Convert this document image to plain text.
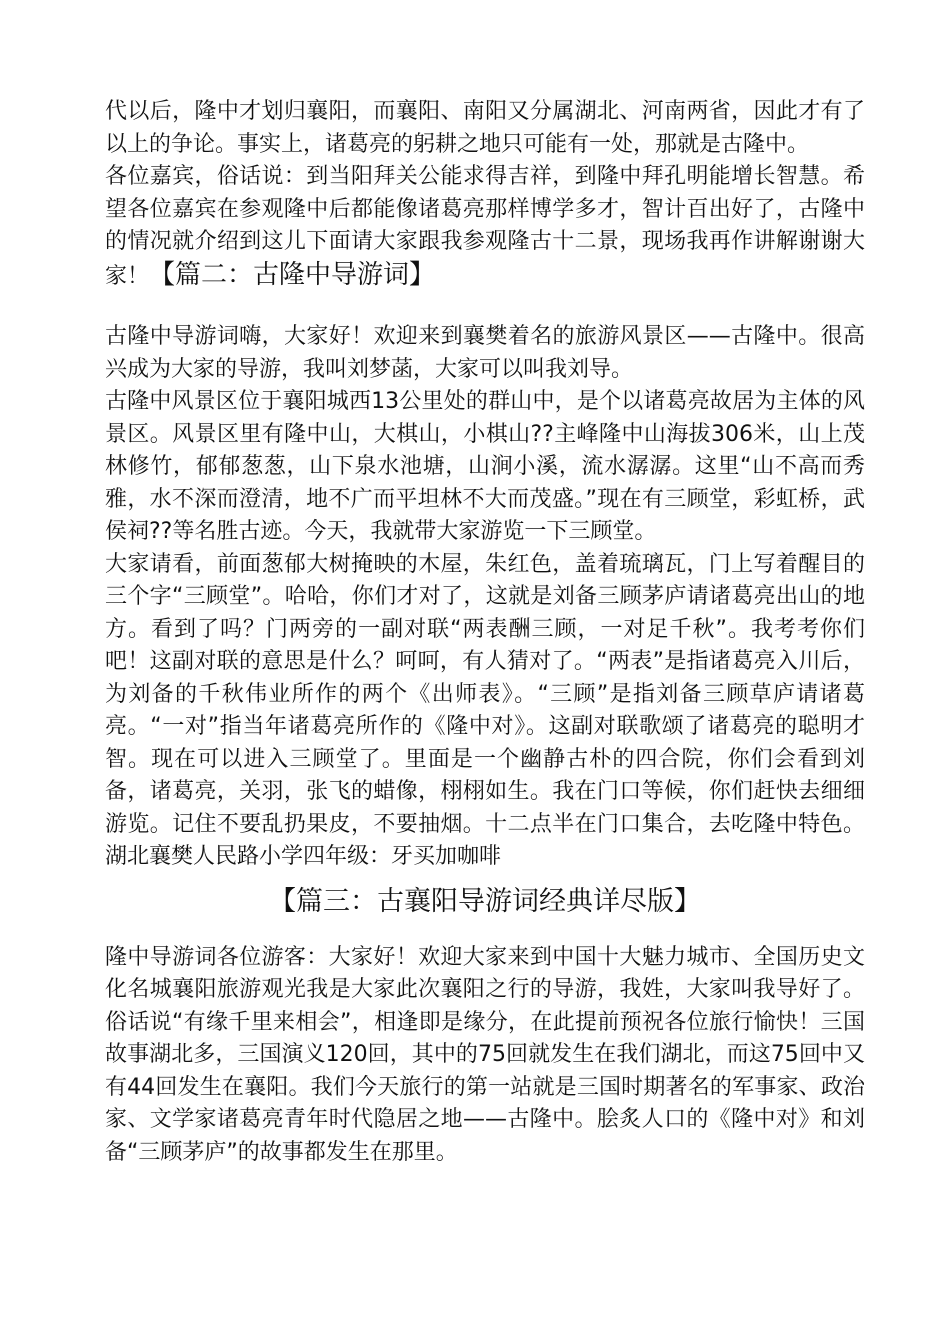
代以后，隆中才划归襄阳，而襄阳、南阳又分属湖北、河南两省，因此才有了以上的争论。事实上，诸葛亮的躬耕之地只可能有一处，那就是古隆中。

各位嘉宾，俗话说：到当阳拜关公能求得吉祥，到隆中拜孔明能增长智慧。希望各位嘉宾在参观隆中后都能像诸葛亮那样博学多才，智计百出好了，古隆中的情况就介绍到这儿下面请大家跟我参观隆古十二景，现场我再作讲解谢谢大家！【篇二：古隆中导游词】

古隆中导游词嗨，大家好！欢迎来到襄樊着名的旅游风景区——古隆中。很高兴成为大家的导游，我叫刘梦菡，大家可以叫我刘导。

古隆中风景区位于襄阳城西13公里处的群山中，是个以诸葛亮故居为主体的风景区。风景区里有隆中山，大棋山，小棋山??主峰隆中山海拔306米，山上茂林修竹，郁郁葱葱，山下泉水池塘，山涧小溪，流水潺潺。这里“山不高而秀雅，水不深而澄清，地不广而平坦林不大而茂盛。”现在有三顾堂，彩虹桥，武侯祠??等名胜古迹。今天，我就带大家游览一下三顾堂。

大家请看，前面葱郁大树掩映的木屋，朱红色，盖着琉璃瓦，门上写着醒目的三个字“三顾堂”。哈哈，你们才对了，这就是刘备三顾茅庐请诸葛亮出山的地方。看到了吗？门两旁的一副对联“两表酬三顾，一对足千秋”。我考考你们吧！这副对联的意思是什么？呵呵，有人猜对了。“两表”是指诸葛亮入川后，为刘备的千秋伟业所作的两个《出师表》。“三顾”是指刘备三顾草庐请诸葛亮。“一对”指当年诸葛亮所作的《隆中对》。这副对联歌颂了诸葛亮的聪明才智。现在可以进入三顾堂了。里面是一个幽静古朴的四合院，你们会看到刘备，诸葛亮，关羽，张飞的蜡像，栩栩如生。我在门口等候，你们赶快去细细游览。记住不要乱扔果皮，不要抽烟。十二点半在门口集合，去吃隆中特色。湖北襄樊人民路小学四年级：牙买加咖啡

【篇三：古襄阳导游词经典详尽版】

隆中导游词各位游客：大家好！欢迎大家来到中国十大魅力城市、全国历史文化名城襄阳旅游观光我是大家此次襄阳之行的导游，我姓，大家叫我导好了。俗话说“有缘千里来相会”，相逢即是缘分，在此提前预祝各位旅行愉快！三国故事湖北多，三国演义120回，其中的75回就发生在我们湖北，而这75回中又有44回发生在襄阳。我们今天旅行的第一站就是三国时期著名的军事家、政治家、文学家诸葛亮青年时代隐居之地——古隆中。脍炙人口的《隆中对》和刘备“三顾茅庐”的故事都发生在那里。
